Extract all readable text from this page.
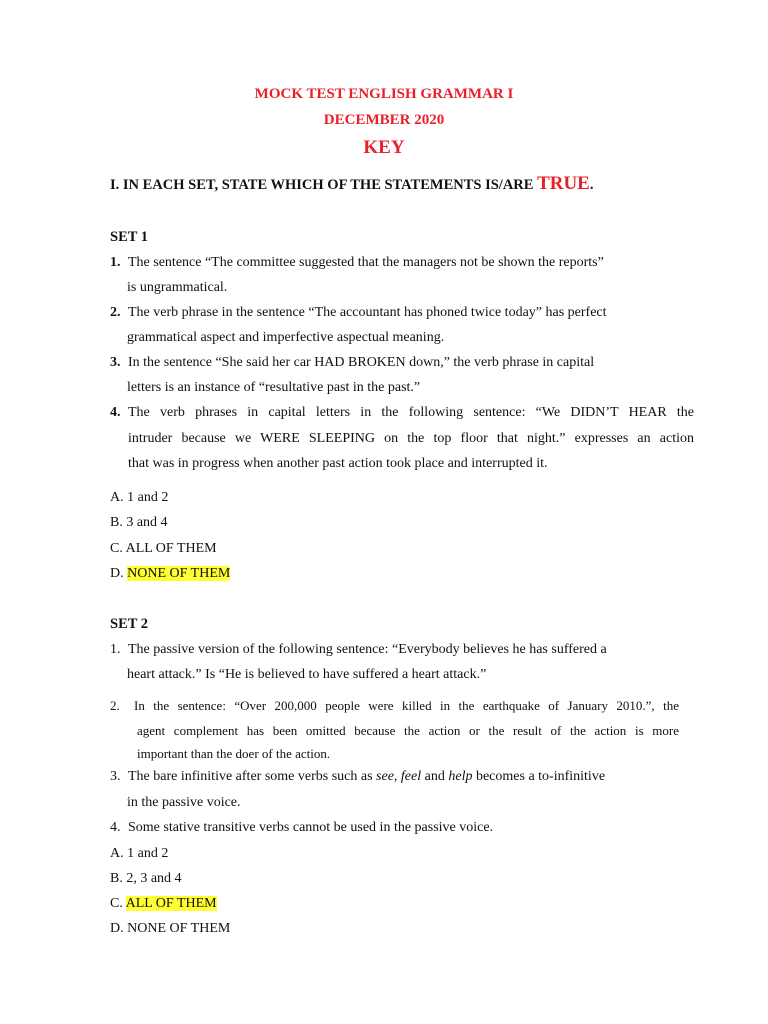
MOCK TEST ENGLISH GRAMMAR I
DECEMBER 2020
KEY
I. IN EACH SET, STATE WHICH OF THE STATEMENTS IS/ARE TRUE.
SET 1
1. The sentence “The committee suggested that the managers not be shown the reports”
is ungrammatical.
2. The verb phrase in the sentence “The accountant has phoned twice today” has perfect
grammatical aspect and imperfective aspectual meaning.
3. In the sentence “She said her car HAD BROKEN down,” the verb phrase in capital
letters is an instance of “resultative past in the past.”
4. The verb phrases in capital letters in the following sentence: “We DIDN’T HEAR the
intruder because we WERE SLEEPING on the top floor that night.” expresses an action
that was in progress when another past action took place and interrupted it.
A. 1 and 2
B. 3 and 4
C. ALL OF THEM
D. NONE OF THEM
SET 2
1. The passive version of the following sentence: “Everybody believes he has suffered a
heart attack.” Is “He is believed to have suffered a heart attack.”
2. In the sentence: “Over 200,000 people were killed in the earthquake of January 2010.”, the
agent complement has been omitted because the action or the result of the action is more
important than the doer of the action.
3. The bare infinitive after some verbs such as see, feel and help becomes a to-infinitive
in the passive voice.
4. Some stative transitive verbs cannot be used in the passive voice.
A. 1 and 2
B. 2, 3 and 4
C. ALL OF THEM
D. NONE OF THEM
